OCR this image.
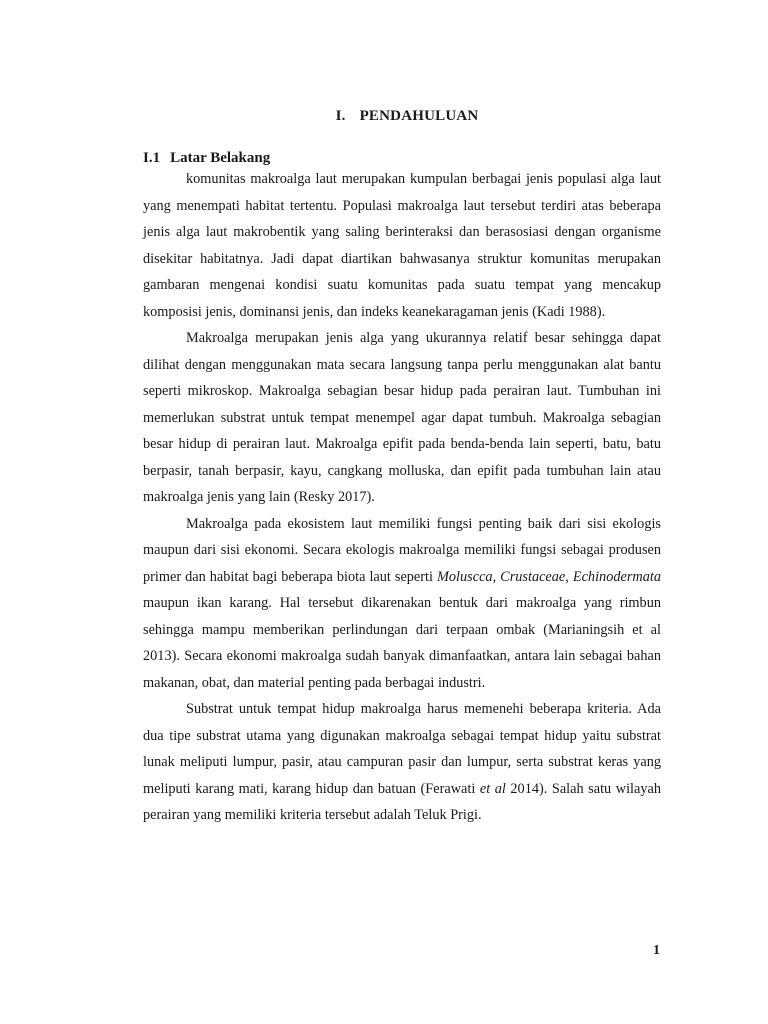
I. PENDAHULUAN
I.1 Latar Belakang

komunitas makroalga laut merupakan kumpulan berbagai jenis populasi alga laut yang menempati habitat tertentu. Populasi makroalga laut tersebut terdiri atas beberapa jenis alga laut makrobentik yang saling berinteraksi dan berasosiasi dengan organisme disekitar habitatnya. Jadi dapat diartikan bahwasanya struktur komunitas merupakan gambaran mengenai kondisi suatu komunitas pada suatu tempat yang mencakup komposisi jenis, dominansi jenis, dan indeks keanekaragaman jenis (Kadi 1988).

Makroalga merupakan jenis alga yang ukurannya relatif besar sehingga dapat dilihat dengan menggunakan mata secara langsung tanpa perlu menggunakan alat bantu seperti mikroskop. Makroalga sebagian besar hidup pada perairan laut. Tumbuhan ini memerlukan substrat untuk tempat menempel agar dapat tumbuh. Makroalga sebagian besar hidup di perairan laut. Makroalga epifit pada benda-benda lain seperti, batu, batu berpasir, tanah berpasir, kayu, cangkang molluska, dan epifit pada tumbuhan lain atau makroalga jenis yang lain (Resky 2017).

Makroalga pada ekosistem laut memiliki fungsi penting baik dari sisi ekologis maupun dari sisi ekonomi. Secara ekologis makroalga memiliki fungsi sebagai produsen primer dan habitat bagi beberapa biota laut seperti Moluscca, Crustaceae, Echinodermata maupun ikan karang. Hal tersebut dikarenakan bentuk dari makroalga yang rimbun sehingga mampu memberikan perlindungan dari terpaan ombak (Marianingsih et al 2013). Secara ekonomi makroalga sudah banyak dimanfaatkan, antara lain sebagai bahan makanan, obat, dan material penting pada berbagai industri.

Substrat untuk tempat hidup makroalga harus memenehi beberapa kriteria. Ada dua tipe substrat utama yang digunakan makroalga sebagai tempat hidup yaitu substrat lunak meliputi lumpur, pasir, atau campuran pasir dan lumpur, serta substrat keras yang meliputi karang mati, karang hidup dan batuan (Ferawati et al 2014). Salah satu wilayah perairan yang memiliki kriteria tersebut adalah Teluk Prigi.

1
